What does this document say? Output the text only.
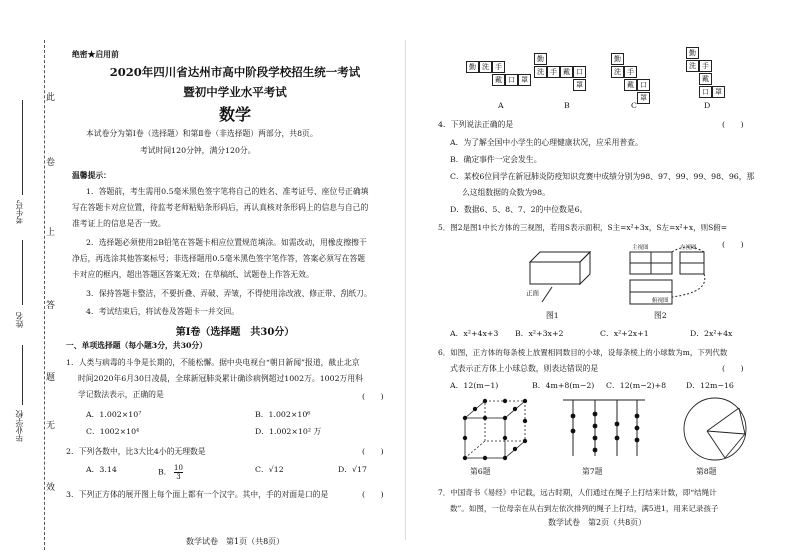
此
卷
上
答
题
无
效
考生号
姓名
毕业学校
绝密★启用前
2020年四川省达州市高中阶段学校招生统一考试
暨初中学业水平考试
数学
本试卷分为第Ⅰ卷（选择题）和第Ⅱ卷（非选择题）两部分，共8页。
考试时间120分钟，满分120分。
温馨提示：
1．答题前，考生需用0.5毫米黑色签字笔将自己的姓名、准考证号、座位号正确填
写在答题卡对应位置，待监考老师粘贴条形码后，再认真核对条形码上的信息与自己的
准考证上的信息是否一致。
2．选择题必须使用2B铅笔在答题卡相应位置规范填涂。如需改动，用橡皮擦擦干
净后，再选涂其他答案标号；非选择题用0.5毫米黑色签字笔作答，答案必须写在答题
卡对应的框内，超出答题区答案无效；在草稿纸、试题卷上作答无效。
3．保持答题卡整洁，不要折叠、弄破、弄皱，不得使用涂改液、修正带、刮纸刀。
4．考试结束后，将试卷及答题卡一并交回。
第Ⅰ卷（选择题　共30分）
一、单项选择题（每小题3分，共30分）
1．人类与病毒的斗争是长期的，不能松懈。据中央电视台“朝日新闻”报道，截止北京
时间2020年6月30日凌晨，全球新冠肺炎累计确诊病例超过1002万。1002万用科
学记数法表示，正确的是	(　　)
A．1.002×10⁷	B．1.002×10⁶
C．1002×10⁴	D．1.002×10² 万
2．下列各数中，比3大比4小的无理数是	(　　)
A．3.14	B． $\frac{10}{3}$	C．√12	D．√17
3．下列正方体的展开图上每个面上都有一个汉字。其中，手的对面是口的是	(　　)
数学试卷　第1页（共8页）
勤 洗 手
戴 口 罩
A
勤
洗 手 戴 口
罩
B
勤
洗 手
戴 口
罩
C
勤
洗 手
戴
口 罩
D
4．下列说法正确的是	(　　)
A．为了解全国中小学生的心理健康状况，应采用普查。
B．确定事件一定会发生。
C．某校6位同学在新冠肺炎防疫知识竞赛中成绩分别为98、97、99、99、98、96，那
么这组数据的众数为98。
D．数据6、5、8、7、2的中位数是6。
5．图2是图1中长方体的三视图，若用S表示面积，S主=x²+3x，S左=x²+x，则S俯=
(　　)
正面
主视图	左视图
俯视图
图1	图2
A．x²+4x+3 B．x²+3x+2	C．x²+2x+1	D．2x²+4x
6．如图，正方体的每条棱上放置相同数目的小球，设每条棱上的小球数为m，下列代数
式表示正方体上小球总数，则表达错误的是	(　　)
A．12(m−1)	B．4m+8(m−2) C．12(m−2)+8	D．12m−16
第6题	第7题	第8题
7．中国奇书《易经》中记载，远古时期，人们通过在绳子上打结来计数，即“结绳计
数”。如图，一位母亲在从右到左依次排列的绳子上打结，满5进1，用来记录孩子
数学试卷　第2页（共8页）
